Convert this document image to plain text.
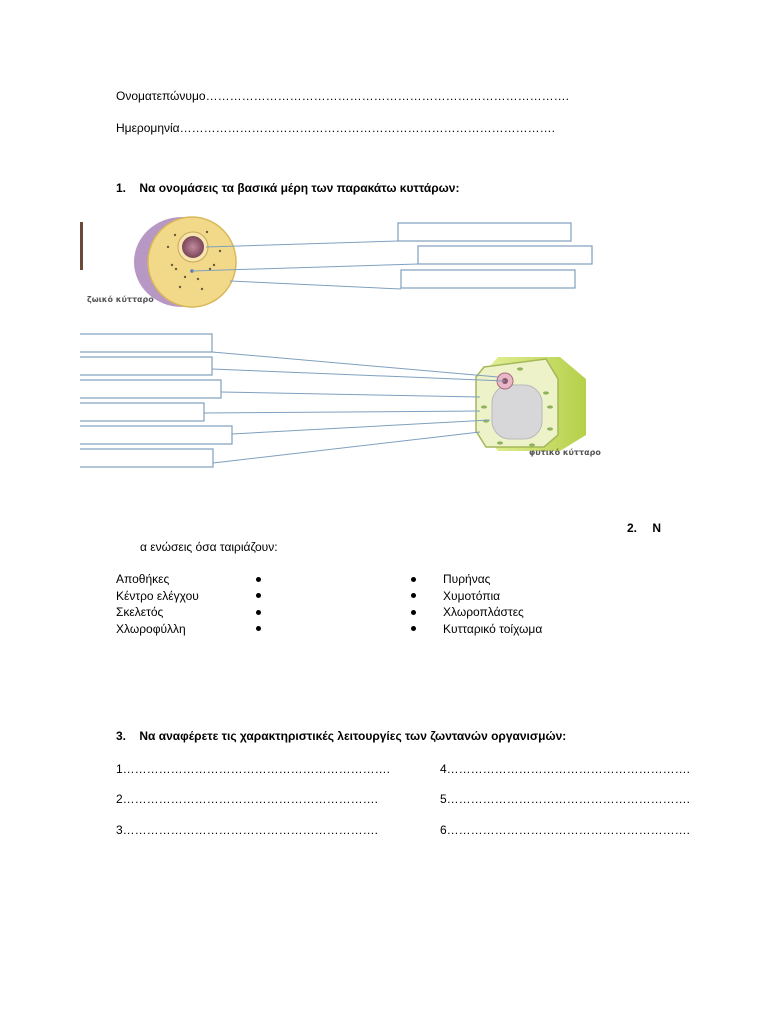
Ονοματεπώνυμο……………………………………………………………………………….
Ημερομηνία………………………………………………………………………………….
1. Να ονομάσεις τα βασικά μέρη των παρακάτω κυττάρων:
ζωικό κύτταρο
φυτικό κύτταρο
2. Ν
α ενώσεις όσα ταιριάζουν:
Αποθήκες
Κέντρο ελέγχου
Σκελετός
Χλωροφύλλη
Πυρήνας
Χυμοτόπια
Χλωροπλάστες
Κυτταρικό τοίχωμα
3. Να αναφέρετε τις χαρακτηριστικές λειτουργίες των ζωντανών οργανισμών:
1………………………………………………………….
2……………………………………………………….
3……………………………………………………….
4…………………………………………………….
5…………………………………………………….
6…………………………………………………….
